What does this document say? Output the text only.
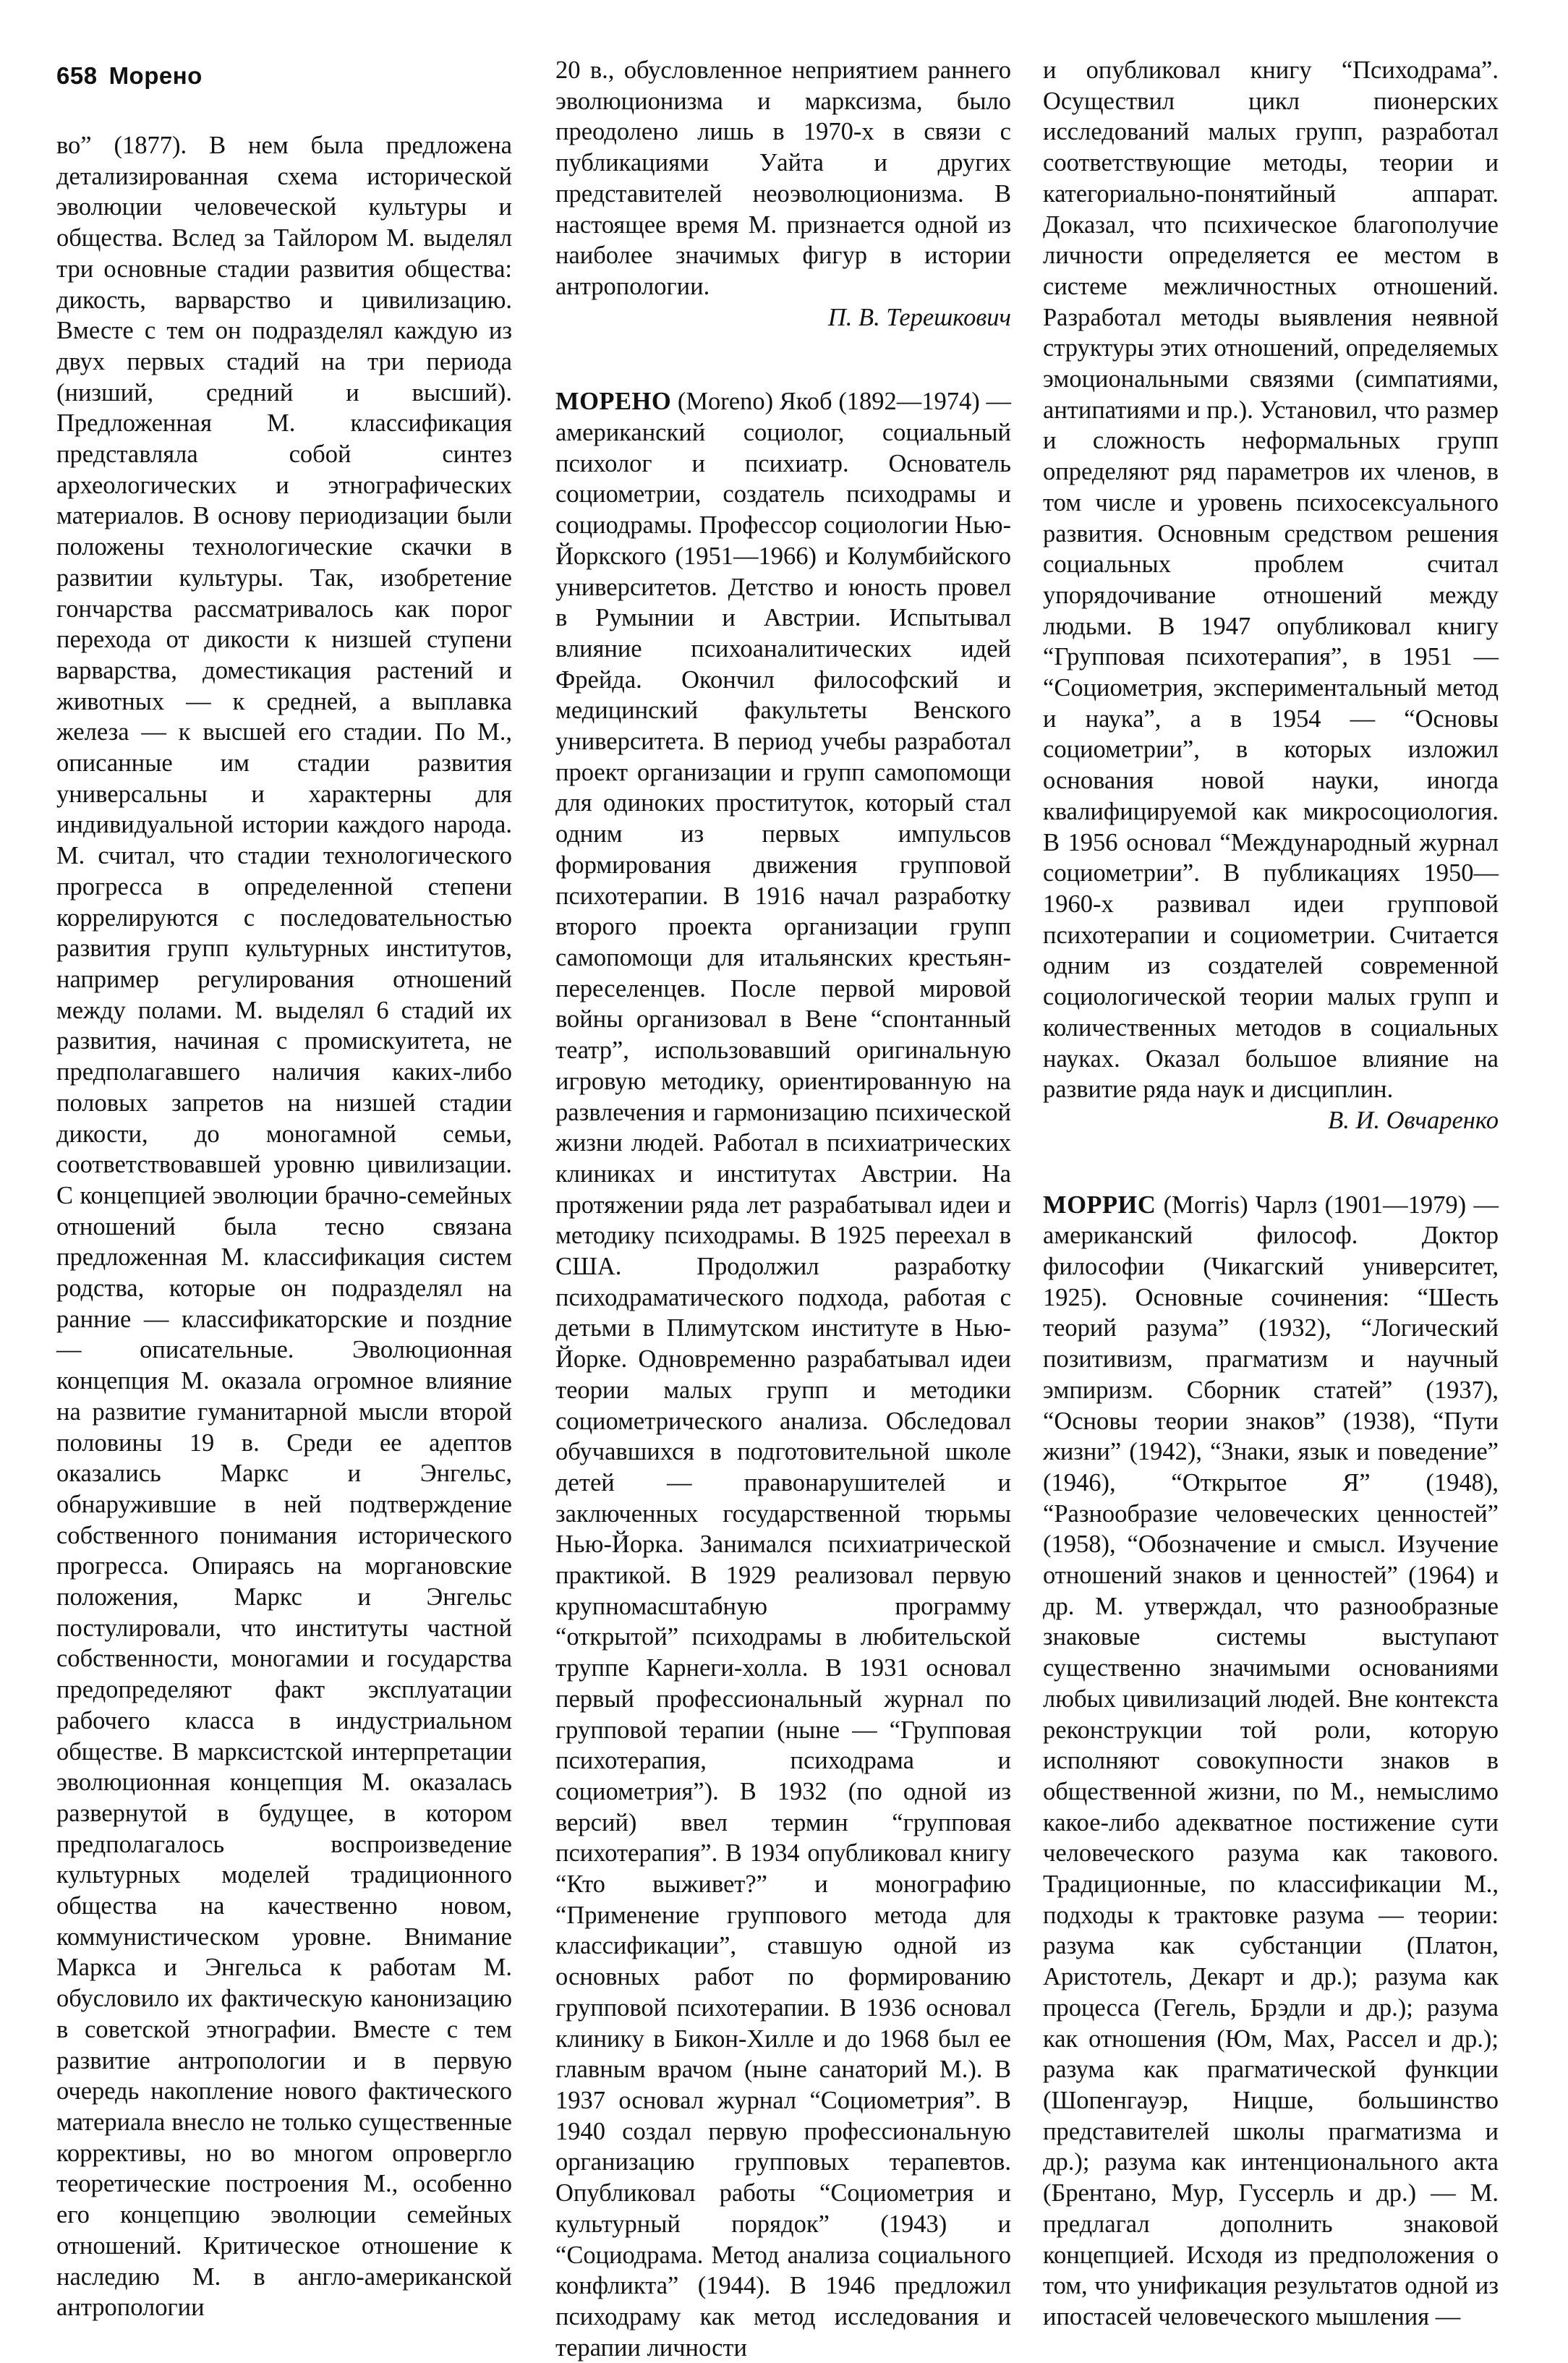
658 Морено

во” (1877). В нем была предложена детализированная схема исторической эволюции человеческой культуры и общества. Вслед за Тайлором М. выделял три основные стадии развития общества: дикость, варварство и цивилизацию. Вместе с тем он подразделял каждую из двух первых стадий на три периода (низший, средний и высший). Предложенная М. классификация представляла собой синтез археологических и этнографических материалов. В основу периодизации были положены технологические скачки в развитии культуры. Так, изобретение гончарства рассматривалось как порог перехода от дикости к низшей ступени варварства, доместикация растений и животных — к средней, а выплавка железа — к высшей его стадии. По М., описанные им стадии развития универсальны и характерны для индивидуальной истории каждого народа. М. считал, что стадии технологического прогресса в определенной степени коррелируются с последовательностью развития групп культурных институтов, например регулирования отношений между полами. М. выделял 6 стадий их развития, начиная с промискуитета, не предполагавшего наличия каких-либо половых запретов на низшей стадии дикости, до моногамной семьи, соответствовавшей уровню цивилизации. С концепцией эволюции брачно-семейных отношений была тесно связана предложенная М. классификация систем родства, которые он подразделял на ранние — классификаторские и поздние — описательные. Эволюционная концепция М. оказала огромное влияние на развитие гуманитарной мысли второй половины 19 в. Среди ее адептов оказались Маркс и Энгельс, обнаружившие в ней подтверждение собственного понимания исторического прогресса. Опираясь на моргановские положения, Маркс и Энгельс постулировали, что институты частной собственности, моногамии и государства предопределяют факт эксплуатации рабочего класса в индустриальном обществе. В марксистской интерпретации эволюционная концепция М. оказалась развернутой в будущее, в котором предполагалось воспроизведение культурных моделей традиционного общества на качественно новом, коммунистическом уровне. Внимание Маркса и Энгельса к работам М. обусловило их фактическую канонизацию в советской этнографии. Вместе с тем развитие антропологии и в первую очередь накопление нового фактического материала внесло не только существенные коррективы, но во многом опровергло теоретические построения М., особенно его концепцию эволюции семейных отношений. Критическое отношение к наследию М. в англо-американской антропологии

20 в., обусловленное неприятием раннего эволюционизма и марксизма, было преодолено лишь в 1970-х в связи с публикациями Уайта и других представителей неоэволюционизма. В настоящее время М. признается одной из наиболее значимых фигур в истории антропологии.

П. В. Терешкович

МОРЕНО (Moreno) Якоб (1892—1974) — американский социолог, социальный психолог и психиатр. Основатель социометрии, создатель психодрамы и социодрамы. Профессор социологии Нью-Йоркского (1951—1966) и Колумбийского университетов. Детство и юность провел в Румынии и Австрии. Испытывал влияние психоаналитических идей Фрейда. Окончил философский и медицинский факультеты Венского университета. В период учебы разработал проект организации и групп самопомощи для одиноких проституток, который стал одним из первых импульсов формирования движения групповой психотерапии. В 1916 начал разработку второго проекта организации групп самопомощи для итальянских крестьян-переселенцев. После первой мировой войны организовал в Вене “спонтанный театр”, использовавший оригинальную игровую методику, ориентированную на развлечения и гармонизацию психической жизни людей. Работал в психиатрических клиниках и институтах Австрии. На протяжении ряда лет разрабатывал идеи и методику психодрамы. В 1925 переехал в США. Продолжил разработку психодраматического подхода, работая с детьми в Плимутском институте в Нью-Йорке. Одновременно разрабатывал идеи теории малых групп и методики социометрического анализа. Обследовал обучавшихся в подготовительной школе детей — правонарушителей и заключенных государственной тюрьмы Нью-Йорка. Занимался психиатрической практикой. В 1929 реализовал первую крупномасштабную программу “открытой” психодрамы в любительской труппе Карнеги-холла. В 1931 основал первый профессиональный журнал по групповой терапии (ныне — “Групповая психотерапия, психодрама и социометрия”). В 1932 (по одной из версий) ввел термин “групповая психотерапия”. В 1934 опубликовал книгу “Кто выживет?” и монографию “Применение группового метода для классификации”, ставшую одной из основных работ по формированию групповой психотерапии. В 1936 основал клинику в Бикон-Хилле и до 1968 был ее главным врачом (ныне санаторий М.). В 1937 основал журнал “Социометрия”. В 1940 создал первую профессиональную организацию групповых терапевтов. Опубликовал работы “Социометрия и культурный порядок” (1943) и “Социодрама. Метод анализа социального конфликта” (1944). В 1946 предложил психодраму как метод исследования и терапии личности

и опубликовал книгу “Психодрама”. Осуществил цикл пионерских исследований малых групп, разработал соответствующие методы, теории и категориально-понятийный аппарат. Доказал, что психическое благополучие личности определяется ее местом в системе межличностных отношений. Разработал методы выявления неявной структуры этих отношений, определяемых эмоциональными связями (симпатиями, антипатиями и пр.). Установил, что размер и сложность неформальных групп определяют ряд параметров их членов, в том числе и уровень психосексуального развития. Основным средством решения социальных проблем считал упорядочивание отношений между людьми. В 1947 опубликовал книгу “Групповая психотерапия”, в 1951 — “Социометрия, экспериментальный метод и наука”, а в 1954 — “Основы социометрии”, в которых изложил основания новой науки, иногда квалифицируемой как микросоциология. В 1956 основал “Международный журнал социометрии”. В публикациях 1950—1960-х развивал идеи групповой психотерапии и социометрии. Считается одним из создателей современной социологической теории малых групп и количественных методов в социальных науках. Оказал большое влияние на развитие ряда наук и дисциплин.

В. И. Овчаренко

МОРРИС (Morris) Чарлз (1901—1979) — американский философ. Доктор философии (Чикагский университет, 1925). Основные сочинения: “Шесть теорий разума” (1932), “Логический позитивизм, прагматизм и научный эмпиризм. Сборник статей” (1937), “Основы теории знаков” (1938), “Пути жизни” (1942), “Знаки, язык и поведение” (1946), “Открытое Я” (1948), “Разнообразие человеческих ценностей” (1958), “Обозначение и смысл. Изучение отношений знаков и ценностей” (1964) и др. М. утверждал, что разнообразные знаковые системы выступают существенно значимыми основаниями любых цивилизаций людей. Вне контекста реконструкции той роли, которую исполняют совокупности знаков в общественной жизни, по М., немыслимо какое-либо адекватное постижение сути человеческого разума как такового. Традиционные, по классификации М., подходы к трактовке разума — теории: разума как субстанции (Платон, Аристотель, Декарт и др.); разума как процесса (Гегель, Брэдли и др.); разума как отношения (Юм, Мах, Рассел и др.); разума как прагматической функции (Шопенгауэр, Ницше, большинство представителей школы прагматизма и др.); разума как интенционального акта (Брентано, Мур, Гуссерль и др.) — М. предлагал дополнить знаковой концепцией. Исходя из предположения о том, что унификация результатов одной из ипостасей человеческого мышления —
